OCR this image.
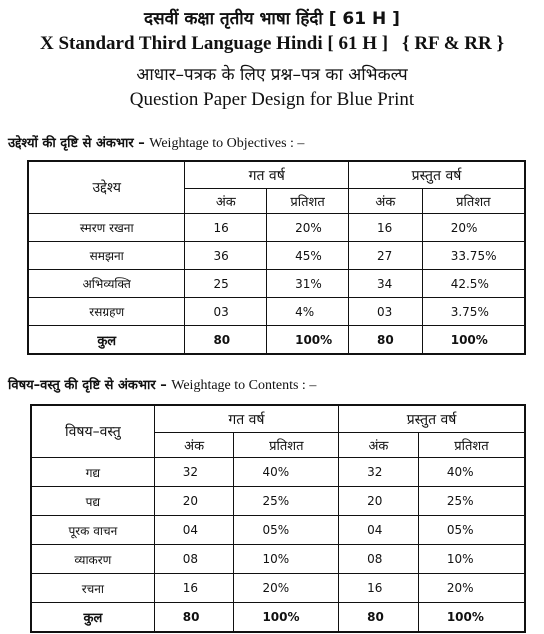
दसवीं कक्षा तृतीय भाषा हिंदी [ 61 H ]
X Standard Third Language Hindi [ 61 H ] { RF & RR }
आधार–पत्रक के लिए प्रश्न–पत्र का अभिकल्प
Question Paper Design for Blue Print
उद्देश्यों की दृष्टि से अंकभार – Weightage to Objectives : –
उद्देश्य	गत वर्ष		प्रस्तुत वर्ष	
	अंक	प्रतिशत	अंक	प्रतिशत
स्मरण रखना	16	20%	16	20%
समझना	36	45%	27	33.75%
अभिव्यक्ति	25	31%	34	42.5%
रसग्रहण	03	4%	03	3.75%
कुल	80	100%	80	100%
विषय–वस्तु की दृष्टि से अंकभार – Weightage to Contents : –
विषय–वस्तु	गत वर्ष		प्रस्तुत वर्ष	
	अंक	प्रतिशत	अंक	प्रतिशत
गद्य	32	40%	32	40%
पद्य	20	25%	20	25%
पूरक वाचन	04	05%	04	05%
व्याकरण	08	10%	08	10%
रचना	16	20%	16	20%
कुल	80	100%	80	100%
